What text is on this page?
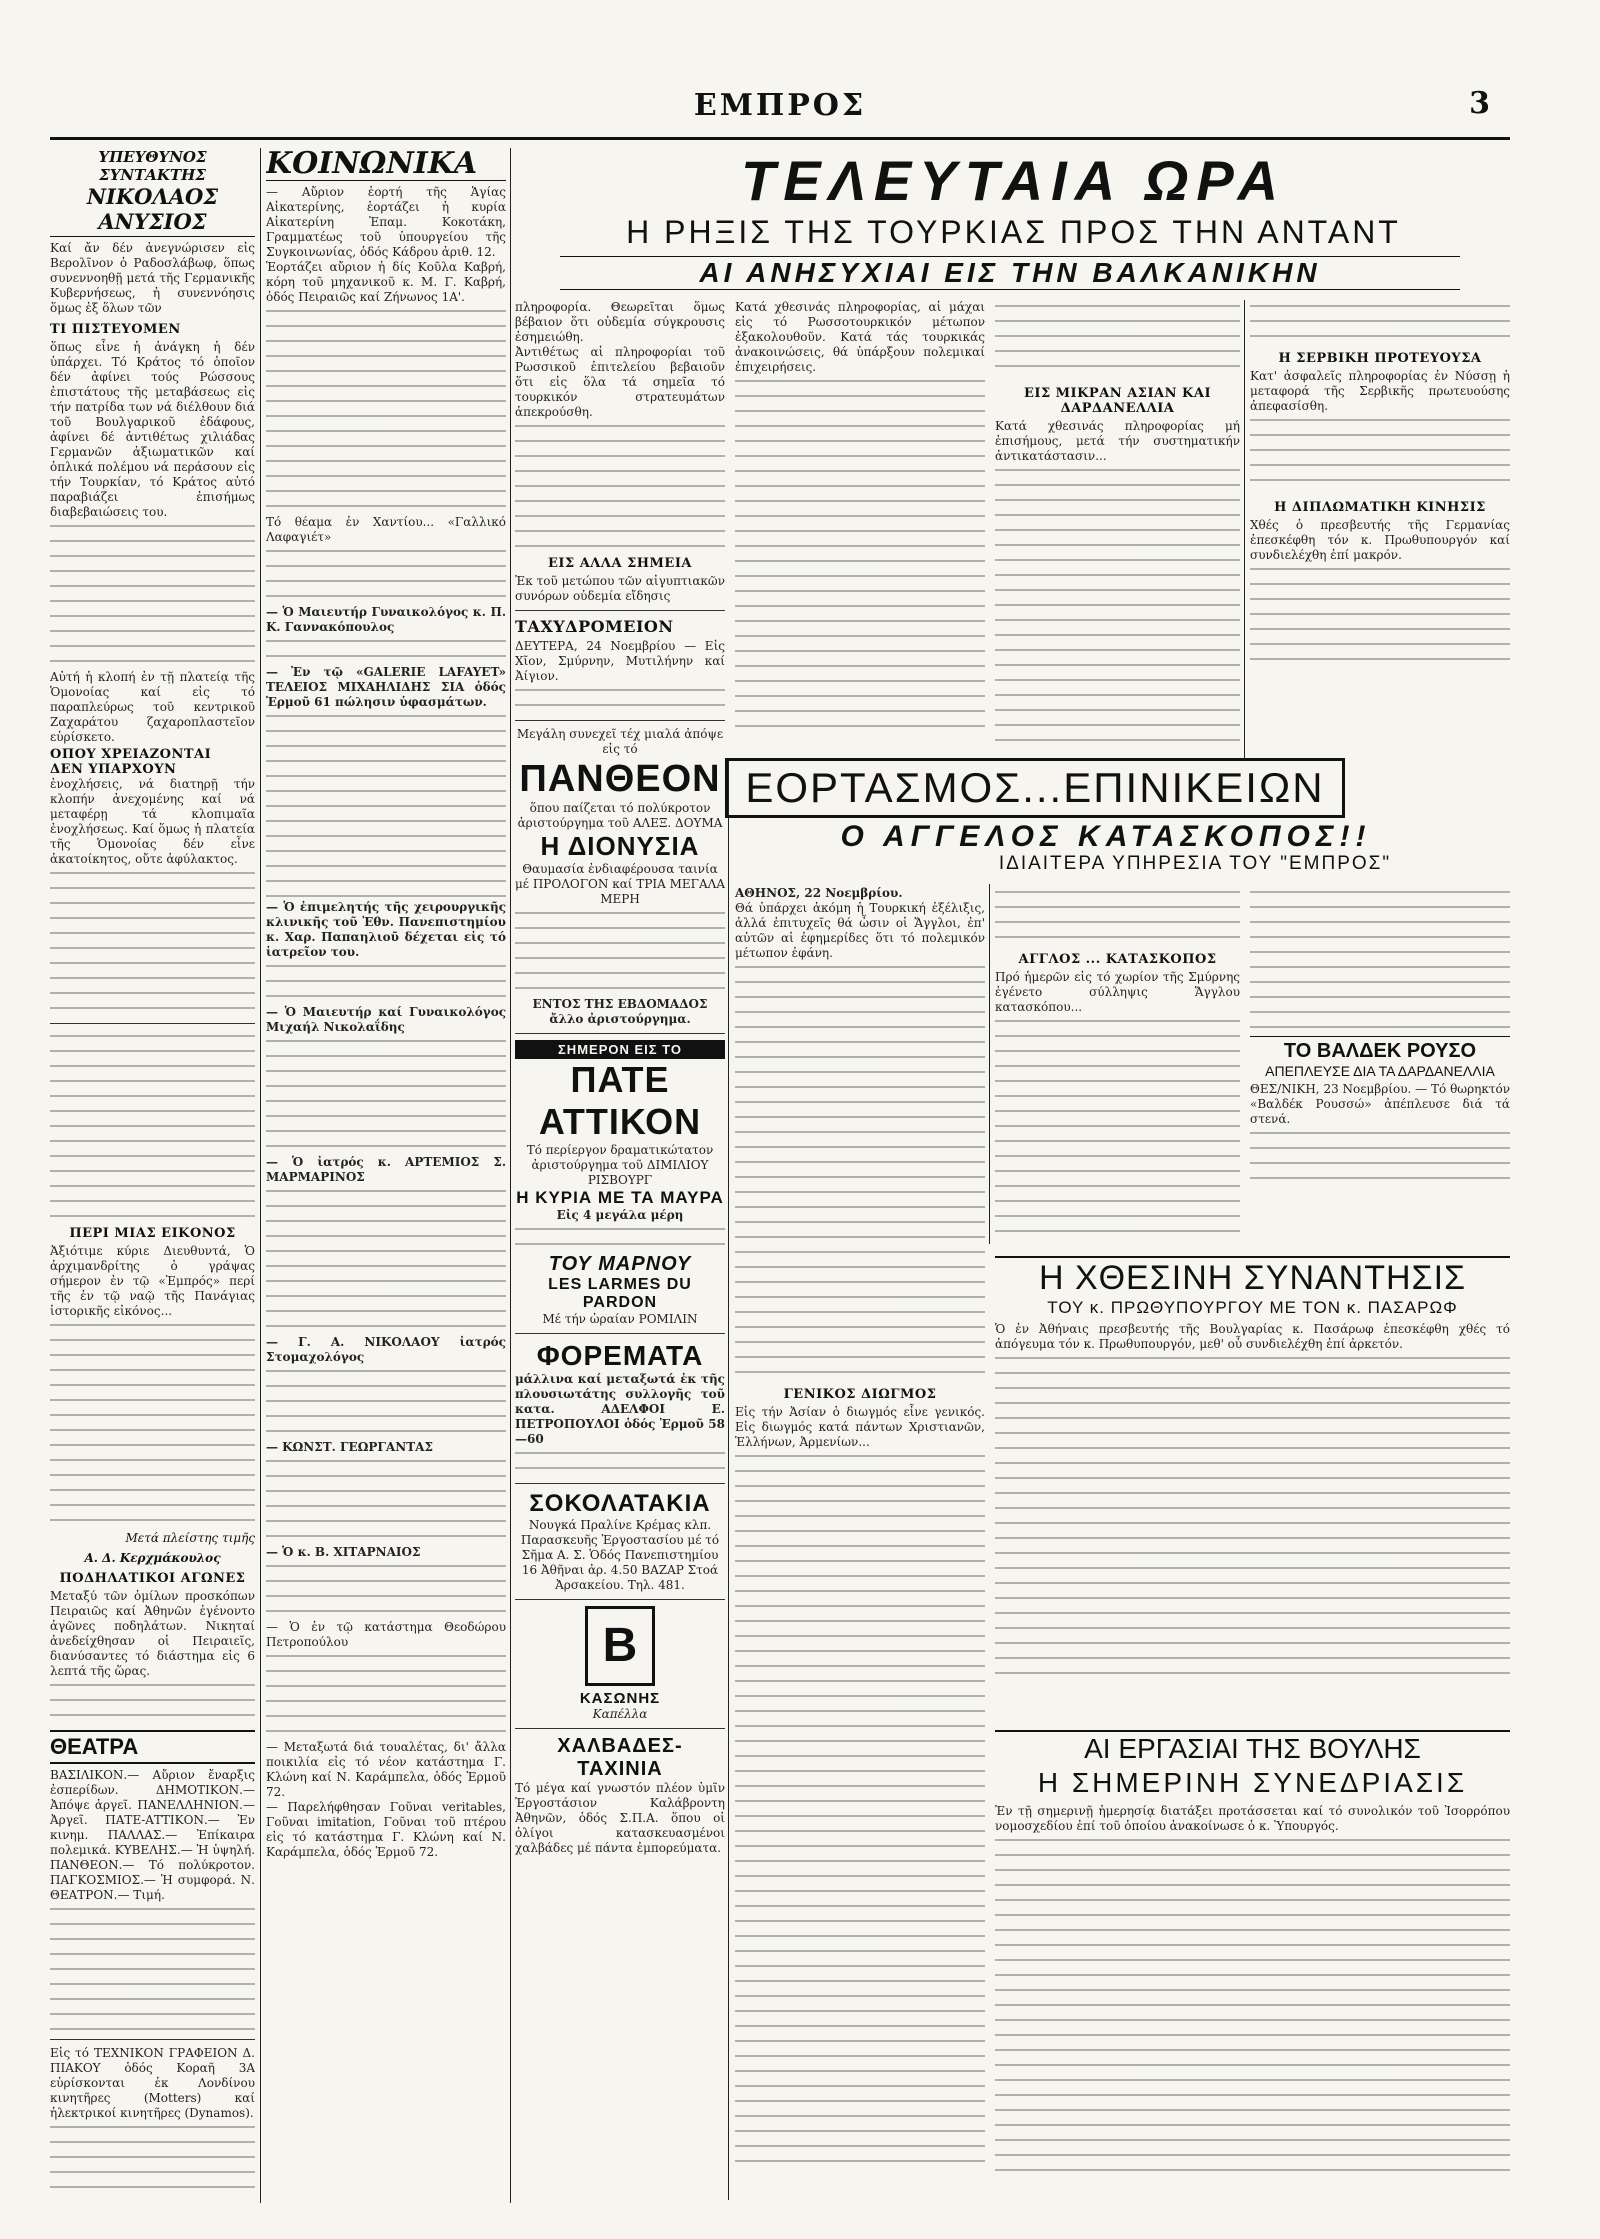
ΕΜΠΡΟΣ	3
ΥΠΕΥΘΥΝΟΣ ΣΥΝΤΑΚΤΗΣ
ΝΙΚΟΛΑΟΣ ΑΝΥΣΙΟΣ
Καί ἄν δέν ἀνεγνώρισεν εἰς Βερολῖνον ὁ Ραδοσλάβωφ, ὅπως συνεννοηθῇ μετά τῆς Γερμανικῆς Κυβερνήσεως, ἡ συνεννόησις ὅμως ἐξ ὅλων τῶν
ΤΙ ΠΙΣΤΕΥΟΜΕΝ
ὅπως εἶνε ἡ ἀνάγκη ἡ δέν ὑπάρχει. Τό Κράτος τό ὁποῖον δέν ἀφίνει τούς Ρώσσους ἐπιστάτους τῆς μεταβάσεως εἰς τήν πατρίδα των νά διέλθουν διά τοῦ Βουλγαρικοῦ ἐδάφους, ἀφίνει δέ ἀντιθέτως χιλιάδας Γερμανῶν ἀξιωματικῶν καί ὁπλικά πολέμου νά περάσουν εἰς τήν Τουρκίαν, τό Κράτος αὐτό παραβιάζει ἐπισήμως διαβεβαιώσεις του.
Αὐτή ἡ κλοπή ἐν τῇ πλατείᾳ τῆς Ὁμονοίας καί εἰς τό παραπλεύρως τοῦ κεντρικοῦ Ζαχαράτου ζαχαροπλαστεῖον εὑρίσκετο.
ΟΠΟΥ ΧΡΕΙΑΖΟΝΤΑΙ
ΔΕΝ ΥΠΑΡΧΟΥΝ
ἐνοχλήσεις, νά διατηρῇ τήν κλοπήν ἀνεχομένης καί νά μεταφέρῃ τά κλοπιμαῖα ἐνοχλήσεως. Καί ὅμως ἡ πλατεία τῆς Ὁμονοίας δέν εἶνε ἀκατοίκητος, οὔτε ἀφύλακτος.
ΠΕΡΙ ΜΙΑΣ ΕΙΚΟΝΟΣ
Ἀξιότιμε κύριε Διευθυντά, Ὁ ἀρχιμανδρίτης ὁ γράψας σήμερον ἐν τῷ «Ἐμπρός» περί τῆς ἐν τῷ ναῷ τῆς Πανάγιας ἱστορικῆς εἰκόνος...
Μετά πλείστης τιμῆς
Α. Δ. Κερχμάκουλος
ΠΟΔΗΛΑΤΙΚΟΙ ΑΓΩΝΕΣ
Μεταξύ τῶν ὁμίλων προσκόπων Πειραιῶς καί Ἀθηνῶν ἐγένοντο ἀγῶνες ποδηλάτων. Νικηταί ἀνεδείχθησαν οἱ Πειραιεῖς, διανύσαντες τό διάστημα εἰς 6 λεπτά τῆς ὥρας.
ΘΕΑΤΡΑ
ΒΑΣΙΛΙΚΟΝ.— Αὔριον ἔναρξις ἐσπερίδων. ΔΗΜΟΤΙΚΟΝ.— Ἀπόψε ἀργεῖ. ΠΑΝΕΛΛΗΝΙΟΝ.— Ἀργεῖ. ΠΑΤΕ-ΑΤΤΙΚΟΝ.— Ἐν κινημ. ΠΑΛΛΑΣ.— Ἐπίκαιρα πολεμικά. ΚΥΒΕΛΗΣ.— Ἡ ὑψηλή. ΠΑΝΘΕΟΝ.— Τό πολύκροτον. ΠΑΓΚΟΣΜΙΟΣ.— Ἡ συμφορά. Ν. ΘΕΑΤΡΟΝ.— Τιμή.
Εἰς τό ΤΕΧΝΙΚΟΝ ΓΡΑΦΕΙΟΝ Δ. ΠΙΑΚΟΥ ὁδός Κοραῆ 3Α εὑρίσκονται ἐκ Λονδίνου κινητῆρες (Motters) καί ἠλεκτρικοί κινητῆρες (Dynamos).
ΚΟΙΝΩΝΙΚΑ
— Αὔριον ἑορτή τῆς Ἁγίας Αἰκατερίνης, ἑορτάζει ἡ κυρία Αἰκατερίνη Ἐπαμ. Κοκοτάκη, Γραμματέως τοῦ ὑπουργείου τῆς Συγκοινωνίας, ὁδός Κάδρου ἀριθ. 12.
Ἑορτάζει αὔριον ἡ δίς Κοῦλα Καβρή, κόρη τοῦ μηχανικοῦ κ. Μ. Γ. Καβρή, ὁδός Πειραιῶς καί Ζήνωνος 1Α'.
Τό θέαμα ἐν Χαντίου... «Γαλλικό Λαφαγιέτ»
— Ὁ Μαιευτήρ Γυναικολόγος κ. Π. Κ. Γαννακόπουλος
— Ἐν τῷ «GALERIE LAFAYET» ΤΕΛΕΙΟΣ ΜΙΧΑΗΛΙΔΗΣ ΣΙΑ ὁδός Ἑρμοῦ 61 πώλησιν ὑφασμάτων.
— Ὁ ἐπιμελητής τῆς χειρουργικῆς κλινικῆς τοῦ Ἐθν. Πανεπιστημίου κ. Χαρ. Παπαηλιοῦ δέχεται εἰς τό ἰατρεῖον του.
— Ὁ Μαιευτήρ καί Γυναικολόγος Μιχαήλ Νικολαΐδης
— Ὁ ἰατρός κ. ΑΡΤΕΜΙΟΣ Σ. ΜΑΡΜΑΡΙΝΟΣ
— Γ. Α. ΝΙΚΟΛΑΟΥ ἰατρός Στομαχολόγος
— ΚΩΝΣΤ. ΓΕΩΡΓΑΝΤΑΣ
— Ὁ κ. Β. ΧΙΤΑΡΝΑΙΟΣ
— Ὁ ἐν τῷ κατάστημα Θεοδώρου Πετροπούλου
— Μεταξωτά διά τουαλέτας, δι' ἄλλα ποικιλία εἰς τό νέον κατάστημα Γ. Κλώνη καί Ν. Καράμπελα, ὁδός Ἑρμοῦ 72.
— Παρελήφθησαν Γοῦναι veritables, Γοῦναι imitation, Γοῦναι τοῦ πτέρου εἰς τό κατάστημα Γ. Κλώνη καί Ν. Καράμπελα, ὁδός Ἑρμοῦ 72.
πληροφορία. Θεωρεῖται ὅμως βέβαιον ὅτι οὐδεμία σύγκρουσις ἐσημειώθη.
Ἀντιθέτως αἱ πληροφορίαι τοῦ Ρωσσικοῦ ἐπιτελείου βεβαιοῦν ὅτι εἰς ὅλα τά σημεῖα τό τουρκικόν στρατευμάτων ἀπεκρούσθη.
ΕΙΣ ΑΛΛΑ ΣΗΜΕΙΑ
Ἐκ τοῦ μετώπου τῶν αἰγυπτιακῶν συνόρων οὐδεμία εἴδησις
ΤΑΧΥΔΡΟΜΕΙΟΝ
ΔΕΥΤΕΡΑ, 24 Νοεμβρίου — Εἰς Χῖον, Σμύρνην, Μυτιλήνην καί Ἀίγιον.
Μεγάλη συνεχεῖ τέχ μιαλά ἀπόψε εἰς τό
ΠΑΝΘΕΟΝ
ὅπου παίζεται τό πολύκροτον ἀριστούργημα τοῦ ΑΛΕΞ. ΔΟΥΜΑ
Η ΔΙΟΝΥΣΙΑ
Θαυμασία ἐνδιαφέρουσα ταινία μέ ΠΡΟΛΟΓΟΝ καί ΤΡΙΑ ΜΕΓΑΛΑ ΜΕΡΗ
ΕΝΤΟΣ ΤΗΣ ΕΒΔΟΜΑΔΟΣ ἄλλο ἀριστούργημα.
ΣΗΜΕΡΟΝ ΕΙΣ ΤΟ
ΠΑΤΕ ΑΤΤΙΚΟΝ
Τό περίεργον δραματικώτατον ἀριστούργημα τοῦ ΔΙΜΙΛΙΟΥ ΡΙΣΒΟΥΡΓ
Η ΚΥΡΙΑ ΜΕ ΤΑ ΜΑΥΡΑ
Εἰς 4 μεγάλα μέρη
ΤΟΥ ΜΑΡΝΟΥ
LES LARMES DU PARDON
Μέ τήν ὡραίαν ΡΟΜΙΛΙΝ
ΦΟΡΕΜΑΤΑ
μάλλινα καί μεταξωτά ἐκ τῆς πλουσιωτάτης συλλογῆς τοῦ κατα. ΑΔΕΛΦΟΙ Ε. ΠΕΤΡΟΠΟΥΛΟΙ ὁδός Ἑρμοῦ 58—60
ΣΟΚΟΛΑΤΑΚΙΑ
Νουγκά Πραλίνε Κρέμας κλπ. Παρασκευῆς Ἐργοστασίου μέ τό Σῆμα Α. Σ. Ὁδός Πανεπιστημίου 16 Ἀθῆναι ἀρ. 4.50 ΒΑΖΑΡ Στοά Ἀρσακείου. Τηλ. 481.
Β
ΚΑΣΩΝΗΣ
Καπέλλα
ΧΑΛΒΑΔΕΣ-ΤΑΧΙΝΙΑ
Τό μέγα καί γνωστόν πλέον ὑμῖν Ἐργοστάσιον Καλάβροντη Ἀθηνῶν, ὁδός Σ.Π.Α. ὅπου οἱ ὀλίγοι κατασκευασμένοι χαλβάδες μέ πάντα ἐμπορεύματα.
ΤΕΛΕΥΤΑΙΑ ΩΡΑ
Η ΡΗΞΙΣ ΤΗΣ ΤΟΥΡΚΙΑΣ ΠΡΟΣ ΤΗΝ ΑΝΤΑΝΤ
ΑΙ ΑΝΗΣΥΧΙΑΙ ΕΙΣ ΤΗΝ ΒΑΛΚΑΝΙΚΗΝ
Κατά χθεσινάς πληροφορίας, αἱ μάχαι εἰς τό Ρωσσοτουρκικόν μέτωπον ἐξακολουθοῦν. Κατά τάς τουρκικάς ἀνακοινώσεις, θά ὑπάρξουν πολεμικαί ἐπιχειρήσεις.
ΕΙΣ ΜΙΚΡΑΝ ΑΣΙΑΝ ΚΑΙ ΔΑΡΔΑΝΕΛΛΙΑ
Κατά χθεσινάς πληροφορίας μή ἐπισήμους, μετά τήν συστηματικήν ἀντικατάστασιν...
Η ΣΕΡΒΙΚΗ ΠΡΟΤΕΥΟΥΣΑ
Κατ' ἀσφαλεῖς πληροφορίας ἐν Νύσσῃ ἡ μεταφορά τῆς Σερβικῆς πρωτευούσης ἀπεφασίσθη.
Η ΔΙΠΛΩΜΑΤΙΚΗ ΚΙΝΗΣΙΣ
Χθές ὁ πρεσβευτής τῆς Γερμανίας ἐπεσκέφθη τόν κ. Πρωθυπουργόν καί συνδιελέχθη ἐπί μακρόν.
ΕΟΡΤΑΣΜΟΣ...ΕΠΙΝΙΚΕΙΩΝ
Ο ΑΓΓΕΛΟΣ ΚΑΤΑΣΚΟΠΟΣ!!
ΙΔΙΑΙΤΕΡΑ ΥΠΗΡΕΣΙΑ ΤΟΥ "ΕΜΠΡΟΣ"
ΑΘΗΝΟΣ, 22 Νοεμβρίου.
Θά ὑπάρχει ἀκόμη ἡ Τουρκική ἐξέλιξις, ἀλλά ἐπιτυχεῖς θά ὦσιν οἱ Ἄγγλοι, ἐπ' αὐτῶν αἱ ἐφημερίδες ὅτι τό πολεμικόν μέτωπον ἐφάνη.
ΓΕΝΙΚΟΣ ΔΙΩΓΜΟΣ
Εἰς τήν Ἀσίαν ὁ διωγμός εἶνε γενικός. Εἰς διωγμός κατά πάντων Χριστιανῶν, Ἑλλήνων, Ἀρμενίων...
ΑΓΓΛΟΣ ... ΚΑΤΑΣΚΟΠΟΣ
Πρό ἡμερῶν εἰς τό χωρίον τῆς Σμύρνης ἐγένετο σύλληψις Ἄγγλου κατασκόπου...
ΤΟ ΒΑΛΔΕΚ ΡΟΥΣΟ
ΑΠΕΠΛΕΥΣΕ ΔΙΑ ΤΑ ΔΑΡΔΑΝΕΛΛΙΑ
ΘΕΣ/ΝΙΚΗ, 23 Νοεμβρίου. — Τό θωρηκτόν «Βαλδέκ Ρουσσώ» ἀπέπλευσε διά τά στενά.
Η ΧΘΕΣΙΝΗ ΣΥΝΑΝΤΗΣΙΣ
ΤΟΥ κ. ΠΡΩΘΥΠΟΥΡΓΟΥ ΜΕ ΤΟΝ κ. ΠΑΣΑΡΩΦ
Ὁ ἐν Ἀθήναις πρεσβευτής τῆς Βουλγαρίας κ. Πασάρωφ ἐπεσκέφθη χθές τό ἀπόγευμα τόν κ. Πρωθυπουργόν, μεθ' οὗ συνδιελέχθη ἐπί ἀρκετόν.
ΑΙ ΕΡΓΑΣΙΑΙ ΤΗΣ ΒΟΥΛΗΣ
Η ΣΗΜΕΡΙΝΗ ΣΥΝΕΔΡΙΑΣΙΣ
Ἐν τῇ σημερινῇ ἡμερησίᾳ διατάξει προτάσσεται καί τό συνολικόν τοῦ Ἰσορρόπου νομοσχεδίου ἐπί τοῦ ὁποίου ἀνακοίνωσε ὁ κ. Ὑπουργός.
